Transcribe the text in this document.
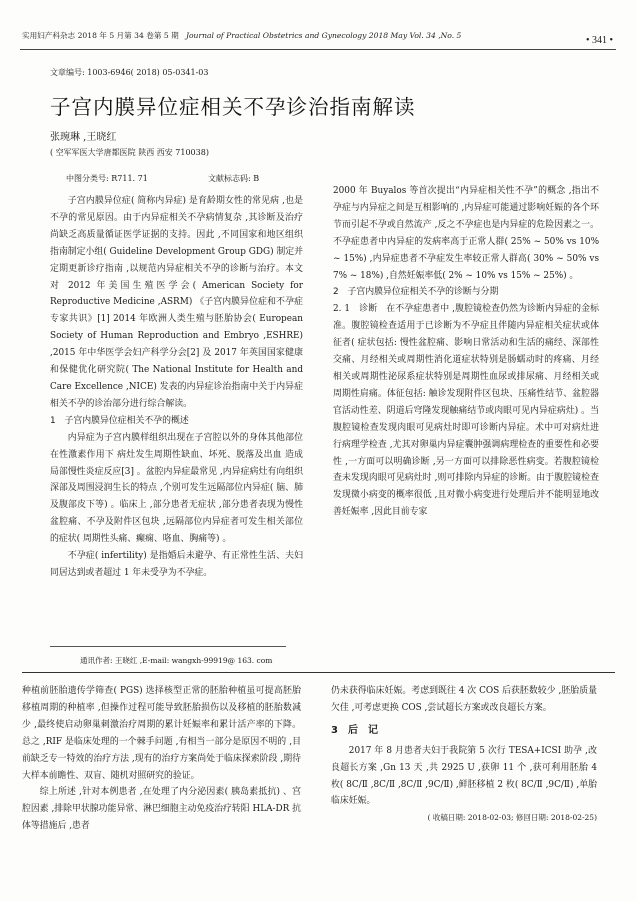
实用妇产科杂志 2018 年 5 月第 34 卷第 5 期 Journal of Practical Obstetrics and Gynecology 2018 May Vol. 34 ,No. 5	• 341 •
文章编号: 1003-6946( 2018) 05-0341-03
子宫内膜异位症相关不孕诊治指南解读
张琬琳 ,王晓红
( 空军军医大学唐都医院 陕西 西安 710038)
中图分类号: R711. 71	文献标志码: B

子宫内膜异位症( 简称内异症) 是育龄期女性的常见病 ,也是不孕的常见原因。由于内异症相关不孕病情复杂 ,其诊断及治疗尚缺乏高质量循证医学证据的支持。因此 ,不同国家和地区组织指南制定小组( Guideline Development Group GDG) 制定并定期更新诊疗指南 ,以规范内异症相关不孕的诊断与治疗。本文对 2012 年美国生殖医学会( American Society for Reproductive Medicine ,ASRM) 《子宫内膜异位症和不孕症专家共识》[1] 2014 年欧洲人类生殖与胚胎协会( European Society of Human Reproduction and Embryo ,ESHRE) ,2015 年中华医学会妇产科学分会[2] 及 2017 年英国国家健康和保健优化研究院( The National Institute for Health and Care Excellence ,NICE) 发表的内异症诊治指南中关于内异症相关不孕的诊治部分进行综合解读。

1　子宫内膜异位症相关不孕的概述

内异症为子宫内膜样组织出现在子宫腔以外的身体其他部位 在性激素作用下 病灶发生周期性缺血、坏死、脱落及出血 造成局部慢性炎症反应[3] 。盆腔内异症最常见 ,内异症病灶有向组织深部及周围浸润生长的特点 ,个别可发生远隔部位内异症( 脑、肺及腹部皮下等) 。临床上 ,部分患者无症状 ,部分患者表现为慢性盆腔痛、不孕及附件区包块 ,远隔部位内异症者可发生相关部位的症状( 周期性头痛、癫痫、咯血、胸痛等) 。

不孕症( infertility) 是指婚后未避孕、有正常性生活、夫妇同居达到或者超过 1 年未受孕为不孕症。

2000 年 Buyalos 等首次提出“内异症相关性不孕”的概念 ,指出不孕症与内异症之间是互相影响的 ,内异症可能通过影响妊娠的各个环节而引起不孕或自然流产 ,反之不孕症也是内异症的危险因素之一。不孕症患者中内异症的发病率高于正常人群( 25% ~ 50% vs 10% ~ 15%) ,内异症患者不孕症发生率较正常人群高( 30% ~ 50% vs 7% ~ 18%) ,自然妊娠率低( 2% ~ 10% vs 15% ~ 25%) 。

2　子宫内膜异位症相关不孕的诊断与分期

2. 1　诊断　在不孕症患者中 ,腹腔镜检查仍然为诊断内异症的金标准。腹腔镜检查适用于已诊断为不孕症且伴随内异症相关症状或体征者( 症状包括: 慢性盆腔痛、影响日常活动和生活的痛经、深部性交痛、月经相关或周期性消化道症状特别是肠蠕动时的疼痛、月经相关或周期性泌尿系症状特别是周期性血尿或排尿痛、月经相关或周期性肩痛。体征包括: 触诊发现附件区包块、压痛性结节、盆腔器官活动性差、阴道后穹隆发现触痛结节或肉眼可见内异症病灶) 。当腹腔镜检查发现肉眼可见病灶时即可诊断内异症。术中可对病灶进行病理学检查 ,尤其对卵巢内异症囊肿强调病理检查的重要性和必要性 ,一方面可以明确诊断 ,另一方面可以排除恶性病变。若腹腔镜检查未发现肉眼可见病灶时 ,则可排除内异症的诊断。由于腹腔镜检查发现微小病变的概率很低 ,且对微小病变进行处理后并不能明显地改善妊娠率 ,因此目前专家

通讯作者: 王晓红 ,E-mail: wangxh-99919@ 163. com

种植前胚胎遗传学筛查( PGS) 选择核型正常的胚胎种植虽可提高胚胎移植周期的种植率 ,但操作过程可能导致胚胎损伤以及移植的胚胎数减少 ,最终使启动卵巢刺激治疗周期的累计妊娠率和累计活产率的下降。总之 ,RIF 是临床处理的一个棘手问题 ,有相当一部分是原因不明的 ,目前缺乏专一特效的治疗方法 ,现有的治疗方案尚处于临床探索阶段 ,期待大样本前瞻性、双盲、随机对照研究的验证。

综上所述 ,针对本例患者 ,在处理了内分泌因素( 胰岛素抵抗) 、宫腔因素 ,排除甲状腺功能异常、淋巴细胞主动免疫治疗转阳 HLA-DR 抗体等措施后 ,患者

仍未获得临床妊娠。考虑到既往 4 次 COS 后获胚数较少 ,胚胎质量欠佳 ,可考虑更换 COS ,尝试超长方案或改良超长方案。

3　后　记

2017 年 8 月患者夫妇于我院第 5 次行 TESA+ICSI 助孕 ,改良超长方案 ,Gn 13 天 ,共 2925 U ,获卵 11 个 ,获可利用胚胎 4 枚( 8C/Ⅱ ,8C/Ⅱ ,8C/Ⅱ ,9C/Ⅱ) ,鲜胚移植 2 枚( 8C/Ⅱ ,9C/Ⅱ) ,单胎临床妊娠。

( 收稿日期: 2018-02-03; 修回日期: 2018-02-25)
